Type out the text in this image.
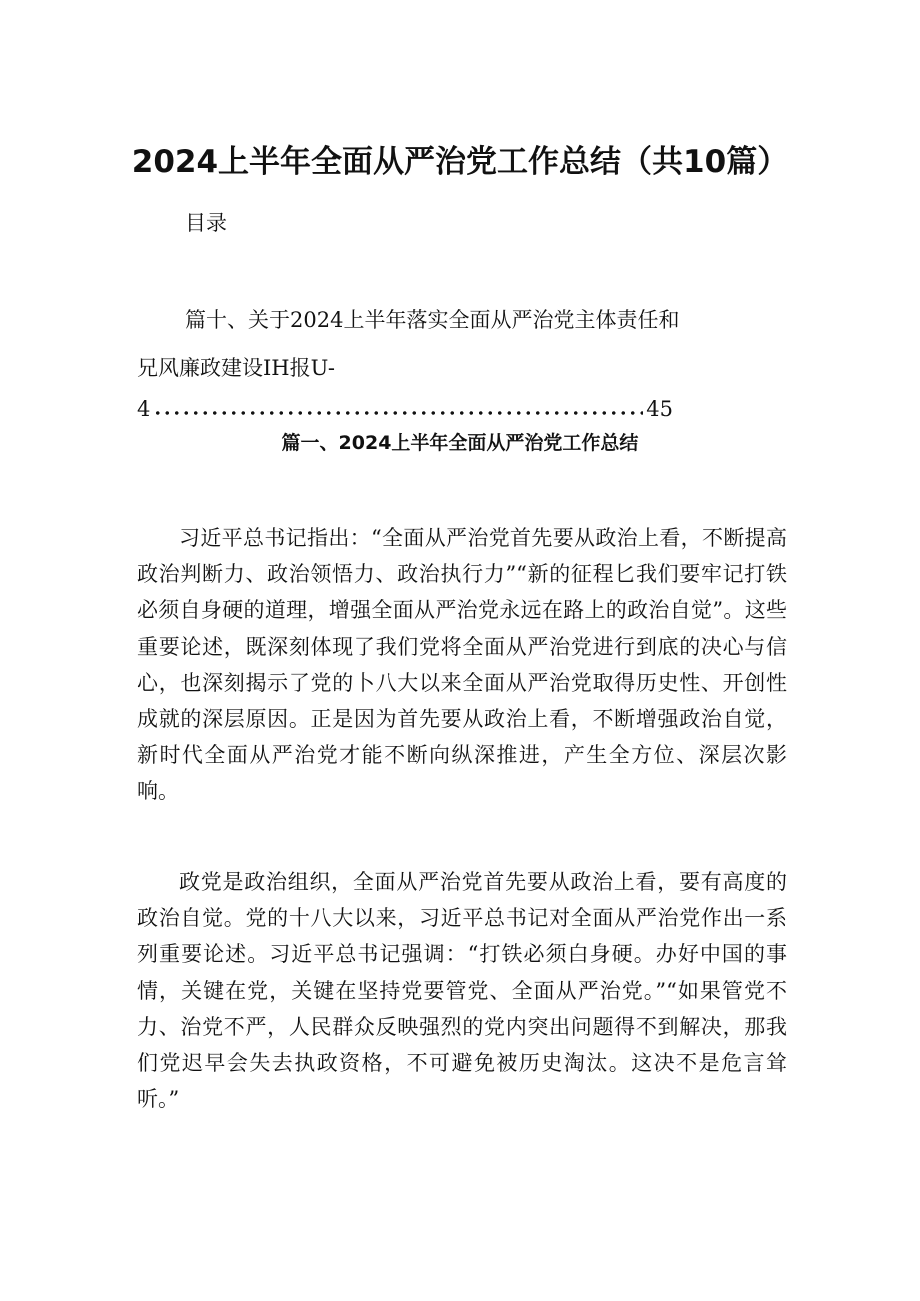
2024上半年全面从严治党工作总结（共10篇）
目录
篇十、关于2024上半年落实全面从严治党主体责任和
兄风廉政建设IH报U-
4	45
篇一、2024上半年全面从严治党工作总结

习近平总书记指出：“全面从严治党首先要从政治上看，不断提高政治判断力、政治领悟力、政治执行力”“新的征程匕我们要牢记打铁必须自身硬的道理，增强全面从严治党永远在路上的政治自觉”。这些重要论述，既深刻体现了我们党将全面从严治党进行到底的决心与信心，也深刻揭示了党的卜八大以来全面从严治党取得历史性、开创性成就的深层原因。正是因为首先要从政治上看，不断增强政治自觉，新时代全面从严治党才能不断向纵深推进，产生全方位、深层次影响。

政党是政治组织，全面从严治党首先要从政治上看，要有高度的政治自觉。党的十八大以来，习近平总书记对全面从严治党作出一系列重要论述。习近平总书记强调：“打铁必须白身硬。办好中国的事情，关键在党，关键在坚持党要管党、全面从严治党。”“如果管党不力、治党不严，人民群众反映强烈的党内突出问题得不到解决，那我们党迟早会失去执政资格，不可避免被历史淘汰。这决不是危言耸听。”
